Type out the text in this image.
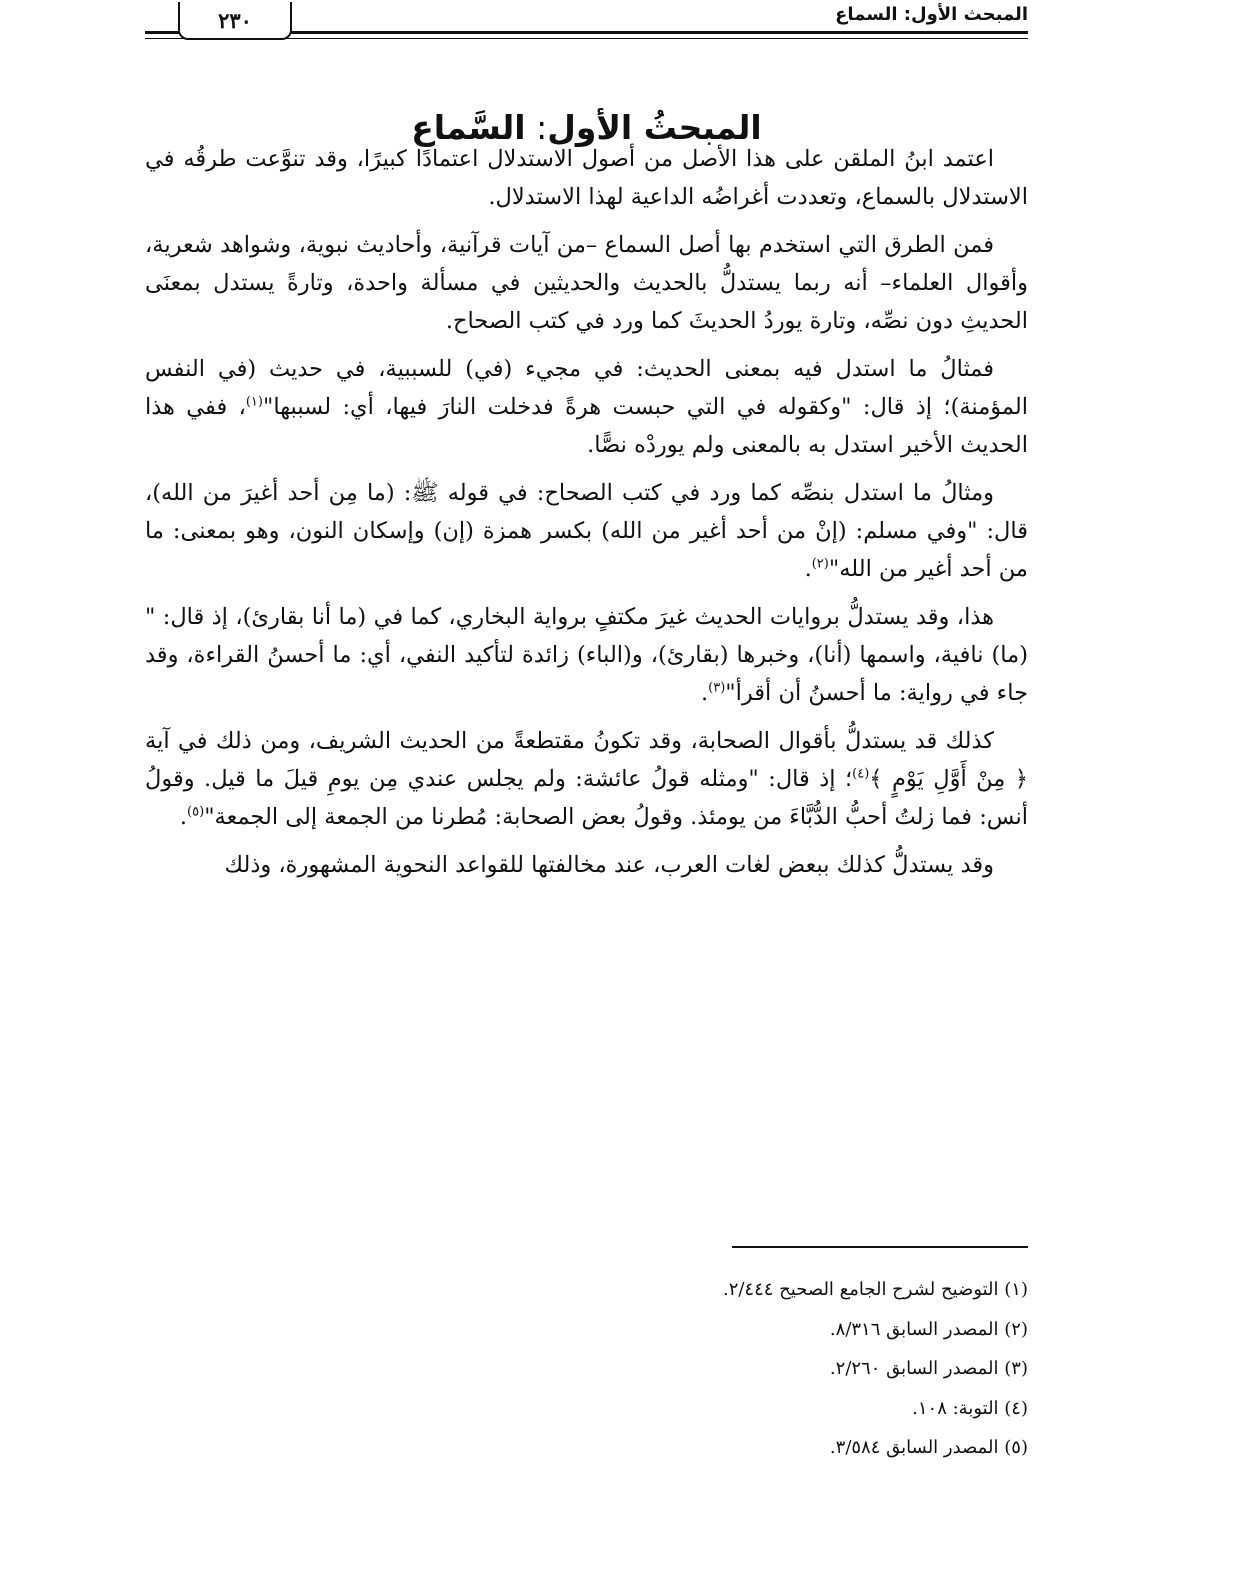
٢٣٠	المبحث الأول: السماع
المبحثُ الأول: السَّماع

اعتمد ابنُ الملقن على هذا الأصل من أصول الاستدلال اعتمادًا كبيرًا، وقد تنوَّعت طرقُه في الاستدلال بالسماع، وتعددت أغراضُه الداعية لهذا الاستدلال.

فمن الطرق التي استخدم بها أصل السماع –من آيات قرآنية، وأحاديث نبوية، وشواهد شعرية، وأقوال العلماء– أنه ربما يستدلُّ بالحديث والحديثين في مسألة واحدة، وتارةً يستدل بمعنَى الحديثِ دون نصِّه، وتارة يوردُ الحديثَ كما ورد في كتب الصحاح.

فمثالُ ما استدل فيه بمعنى الحديث: في مجيء (في) للسببية، في حديث (في النفس المؤمنة)؛ إذ قال: "وكقوله في التي حبست هرةً فدخلت النارَ فيها، أي: لسببها"$^{(١)}$، ففي هذا الحديث الأخير استدل به بالمعنى ولم يوردْه نصًّا.

ومثالُ ما استدل بنصِّه كما ورد في كتب الصحاح: في قوله ﷺ: (ما مِن أحد أغيرَ من الله)، قال: "وفي مسلم: (إنْ من أحد أغير من الله) بكسر همزة (إن) وإسكان النون، وهو بمعنى: ما من أحد أغير من الله"$^{(٢)}$.

هذا، وقد يستدلُّ بروايات الحديث غيرَ مكتفٍ برواية البخاري، كما في (ما أنا بقارئ)، إذ قال: "(ما) نافية، واسمها (أنا)، وخبرها (بقارئ)، و(الباء) زائدة لتأكيد النفي، أي: ما أحسنُ القراءة، وقد جاء في رواية: ما أحسنُ أن أقرأ"$^{(٣)}$.

كذلك قد يستدلُّ بأقوال الصحابة، وقد تكونُ مقتطعةً من الحديث الشريف، ومن ذلك في آية ﴿ مِنْ أَوَّلِ يَوْمٍ ﴾$^{(٤)}$؛ إذ قال: "ومثله قولُ عائشة: ولم يجلس عندي مِن يومِ قيلَ ما قيل. وقولُ أنس: فما زلتُ أحبُّ الدُّبَّاءَ من يومئذ. وقولُ بعض الصحابة: مُطرنا من الجمعة إلى الجمعة"$^{(٥)}$.

وقد يستدلُّ كذلك ببعض لغات العرب، عند مخالفتها للقواعد النحوية المشهورة، وذلك

(١) التوضيح لشرح الجامع الصحيح ٢/٤٤٤.

(٢) المصدر السابق ٨/٣١٦.

(٣) المصدر السابق ٢/٢٦٠.

(٤) التوبة: ١٠٨.

(٥) المصدر السابق ٣/٥٨٤.
